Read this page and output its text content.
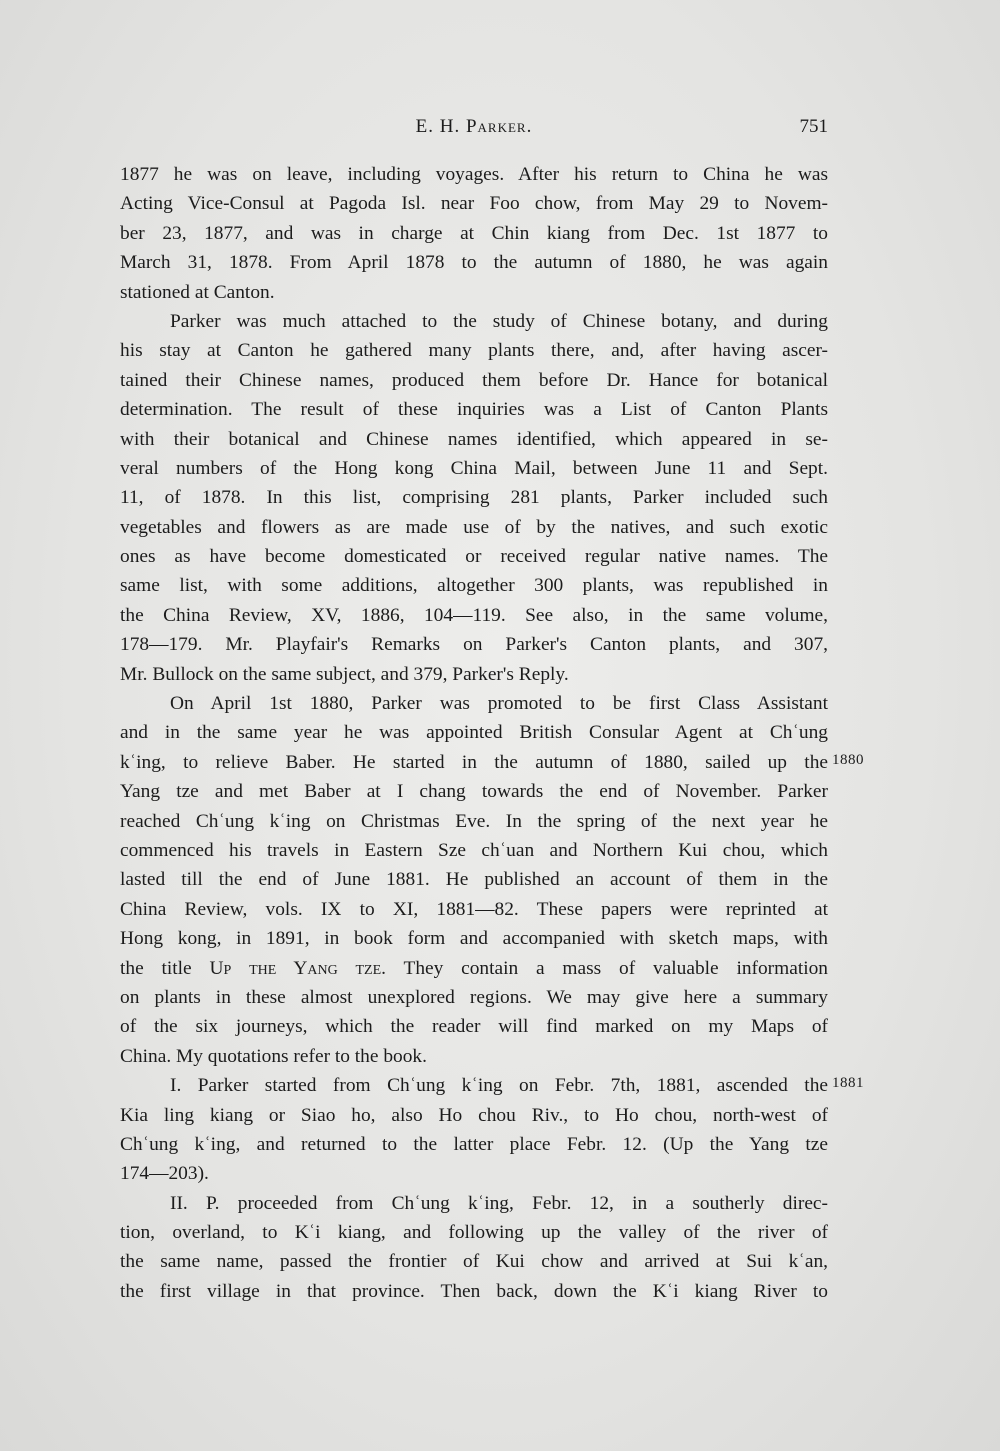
E. H. Parker.	751
1880
1881
1877 he was on leave, including voyages. After his return to China he was
Acting Vice-Consul at Pagoda Isl. near Foo chow, from May 29 to Novem-
ber 23, 1877, and was in charge at Chin kiang from Dec. 1st 1877 to
March 31, 1878. From April 1878 to the autumn of 1880, he was again
stationed at Canton.
Parker was much attached to the study of Chinese botany, and during
his stay at Canton he gathered many plants there, and, after having ascer-
tained their Chinese names, produced them before Dr. Hance for botanical
determination. The result of these inquiries was a List of Canton Plants
with their botanical and Chinese names identified, which appeared in se-
veral numbers of the Hong kong China Mail, between June 11 and Sept.
11, of 1878. In this list, comprising 281 plants, Parker included such
vegetables and flowers as are made use of by the natives, and such exotic
ones as have become domesticated or received regular native names. The
same list, with some additions, altogether 300 plants, was republished in
the China Review, XV, 1886, 104—119. See also, in the same volume,
178—179. Mr. Playfair's Remarks on Parker's Canton plants, and 307,
Mr. Bullock on the same subject, and 379, Parker's Reply.
On April 1st 1880, Parker was promoted to be first Class Assistant
and in the same year he was appointed British Consular Agent at Chʿung
kʿing, to relieve Baber. He started in the autumn of 1880, sailed up the
Yang tze and met Baber at I chang towards the end of November. Parker
reached Chʿung kʿing on Christmas Eve. In the spring of the next year he
commenced his travels in Eastern Sze chʿuan and Northern Kui chou, which
lasted till the end of June 1881. He published an account of them in the
China Review, vols. IX to XI, 1881—82. These papers were reprinted at
Hong kong, in 1891, in book form and accompanied with sketch maps, with
the title Up the Yang tze. They contain a mass of valuable information
on plants in these almost unexplored regions. We may give here a summary
of the six journeys, which the reader will find marked on my Maps of
China. My quotations refer to the book.
I. Parker started from Chʿung kʿing on Febr. 7th, 1881, ascended the
Kia ling kiang or Siao ho, also Ho chou Riv., to Ho chou, north-west of
Chʿung kʿing, and returned to the latter place Febr. 12. (Up the Yang tze
174—203).
II. P. proceeded from Chʿung kʿing, Febr. 12, in a southerly direc-
tion, overland, to Kʿi kiang, and following up the valley of the river of
the same name, passed the frontier of Kui chow and arrived at Sui kʿan,
the first village in that province. Then back, down the Kʿi kiang River to
